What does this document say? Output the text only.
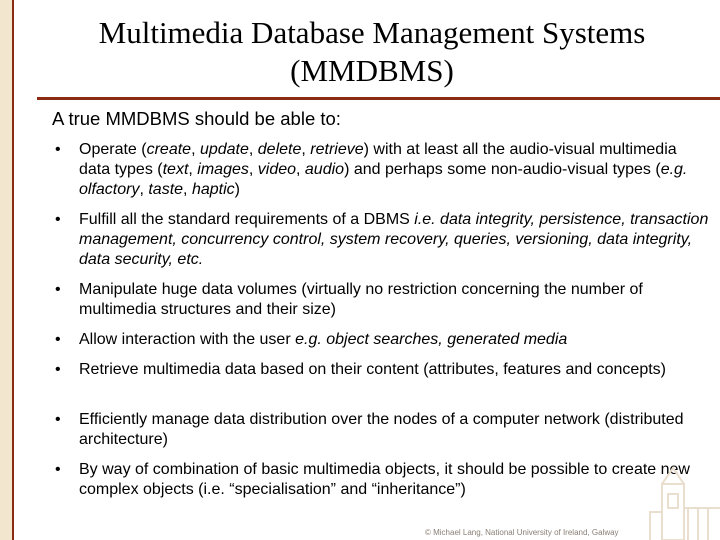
Multimedia Database Management Systems (MMDBMS)
A true MMDBMS should be able to:
• Operate (create, update, delete, retrieve) with at least all the audio-visual multimedia data types (text, images, video, audio) and perhaps some non-audio-visual types (e.g. olfactory, taste, haptic)
• Fulfill all the standard requirements of a DBMS i.e. data integrity, persistence, transaction management, concurrency control, system recovery, queries, versioning, data integrity, data security, etc.
• Manipulate huge data volumes (virtually no restriction concerning the number of multimedia structures and their size)
• Allow interaction with the user e.g. object searches, generated media
• Retrieve multimedia data based on their content (attributes, features and concepts)
• Efficiently manage data distribution over the nodes of a computer network (distributed architecture)
• By way of combination of basic multimedia objects, it should be possible to create new complex objects (i.e. “specialisation” and “inheritance”)
© Michael Lang, National University of Ireland, Galway
